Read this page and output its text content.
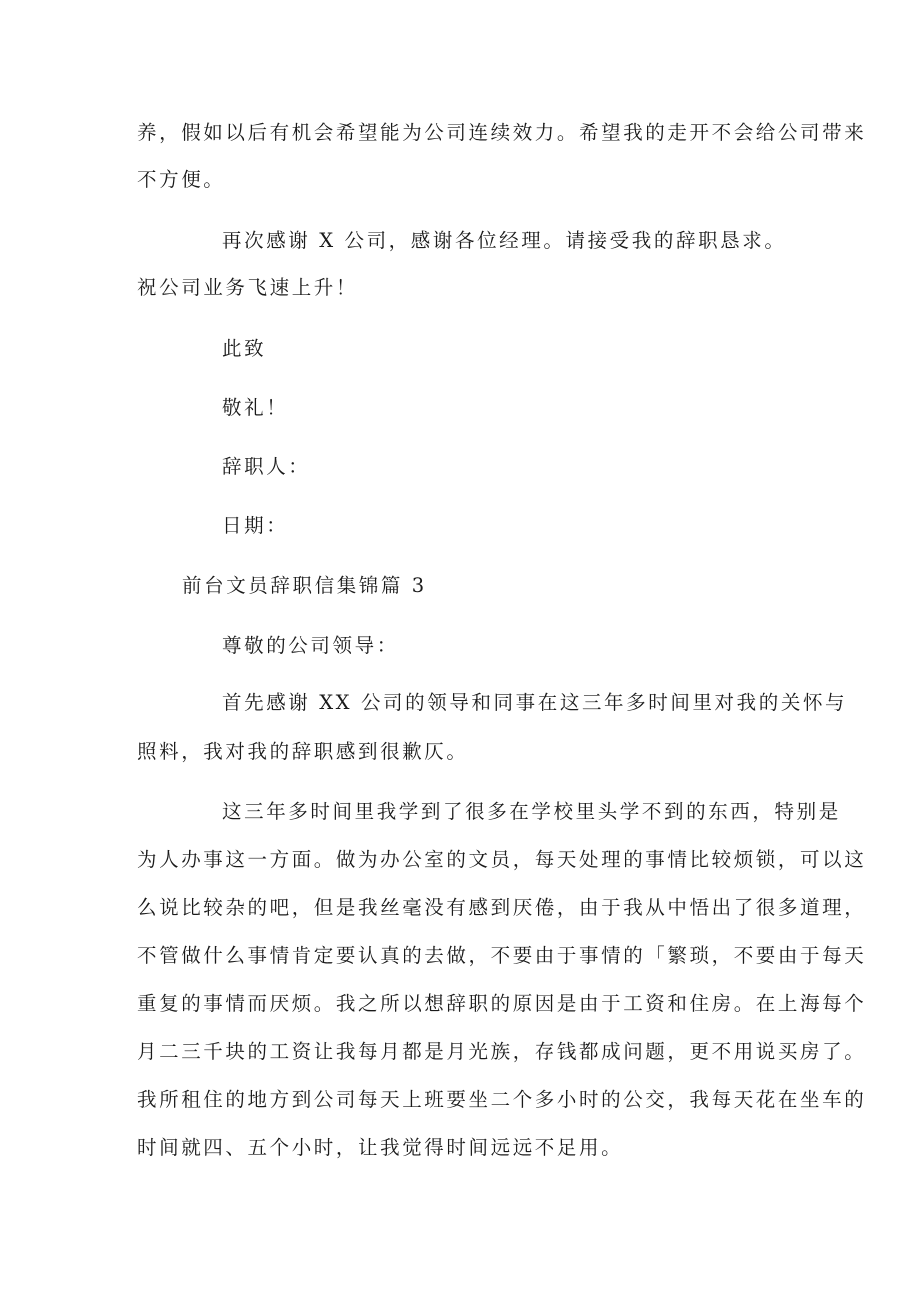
养，假如以后有机会希望能为公司连续效力。希望我的走开不会给公司带来
不方便。
再次感谢 X 公司，感谢各位经理。请接受我的辞职恳求。
祝公司业务飞速上升！
此致
敬礼！
辞职人：
日期：
前台文员辞职信集锦篇 3
尊敬的公司领导：
首先感谢 XX 公司的领导和同事在这三年多时间里对我的关怀与
照料，我对我的辞职感到很歉仄。
这三年多时间里我学到了很多在学校里头学不到的东西，特别是
为人办事这一方面。做为办公室的文员，每天处理的事情比较烦锁，可以这
么说比较杂的吧，但是我丝毫没有感到厌倦，由于我从中悟出了很多道理，
不管做什么事情肯定要认真的去做，不要由于事情的「繁琐，不要由于每天
重复的事情而厌烦。我之所以想辞职的原因是由于工资和住房。在上海每个
月二三千块的工资让我每月都是月光族，存钱都成问题，更不用说买房了。
我所租住的地方到公司每天上班要坐二个多小时的公交，我每天花在坐车的
时间就四、五个小时，让我觉得时间远远不足用。
